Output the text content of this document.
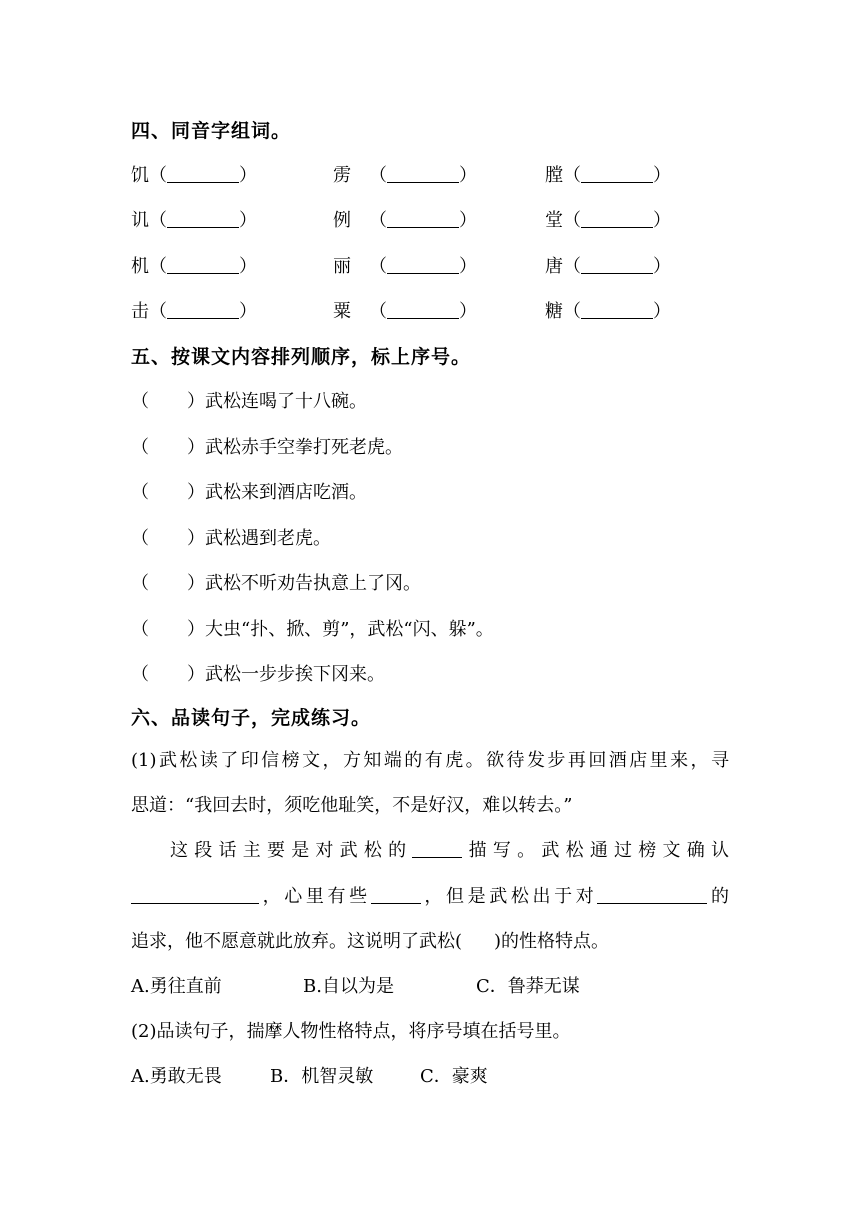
四、同音字组词。
饥（	）	雳 （	）	膛（	）
讥（	）	例 （	）	堂（	）
机（	）	丽 （	）	唐（	）
击（	）	粟 （	）	糖（	）
五、按课文内容排列顺序，标上序号。
（ ）武松连喝了十八碗。
（ ）武松赤手空拳打死老虎。
（ ）武松来到酒店吃酒。
（ ）武松遇到老虎。
（ ）武松不听劝告执意上了冈。
（ ）大虫“扑、掀、剪”，武松“闪、躲”。
（ ）武松一步步挨下冈来。
六、品读句子，完成练习。
(1)武松读了印信榜文，方知端的有虎。欲待发步再回酒店里来，寻
思道：“我回去时，须吃他耻笑，不是好汉，难以转去。”
这段话主要是对武松的	描写。武松通过榜文确认
，心里有些	，但是武松出于对	的
追求，他不愿意就此放弃。这说明了武松( )的性格特点。
A.勇往直前	B.自以为是	C．鲁莽无谋
(2)品读句子，揣摩人物性格特点，将序号填在括号里。
A.勇敢无畏	B．机智灵敏	C．豪爽
